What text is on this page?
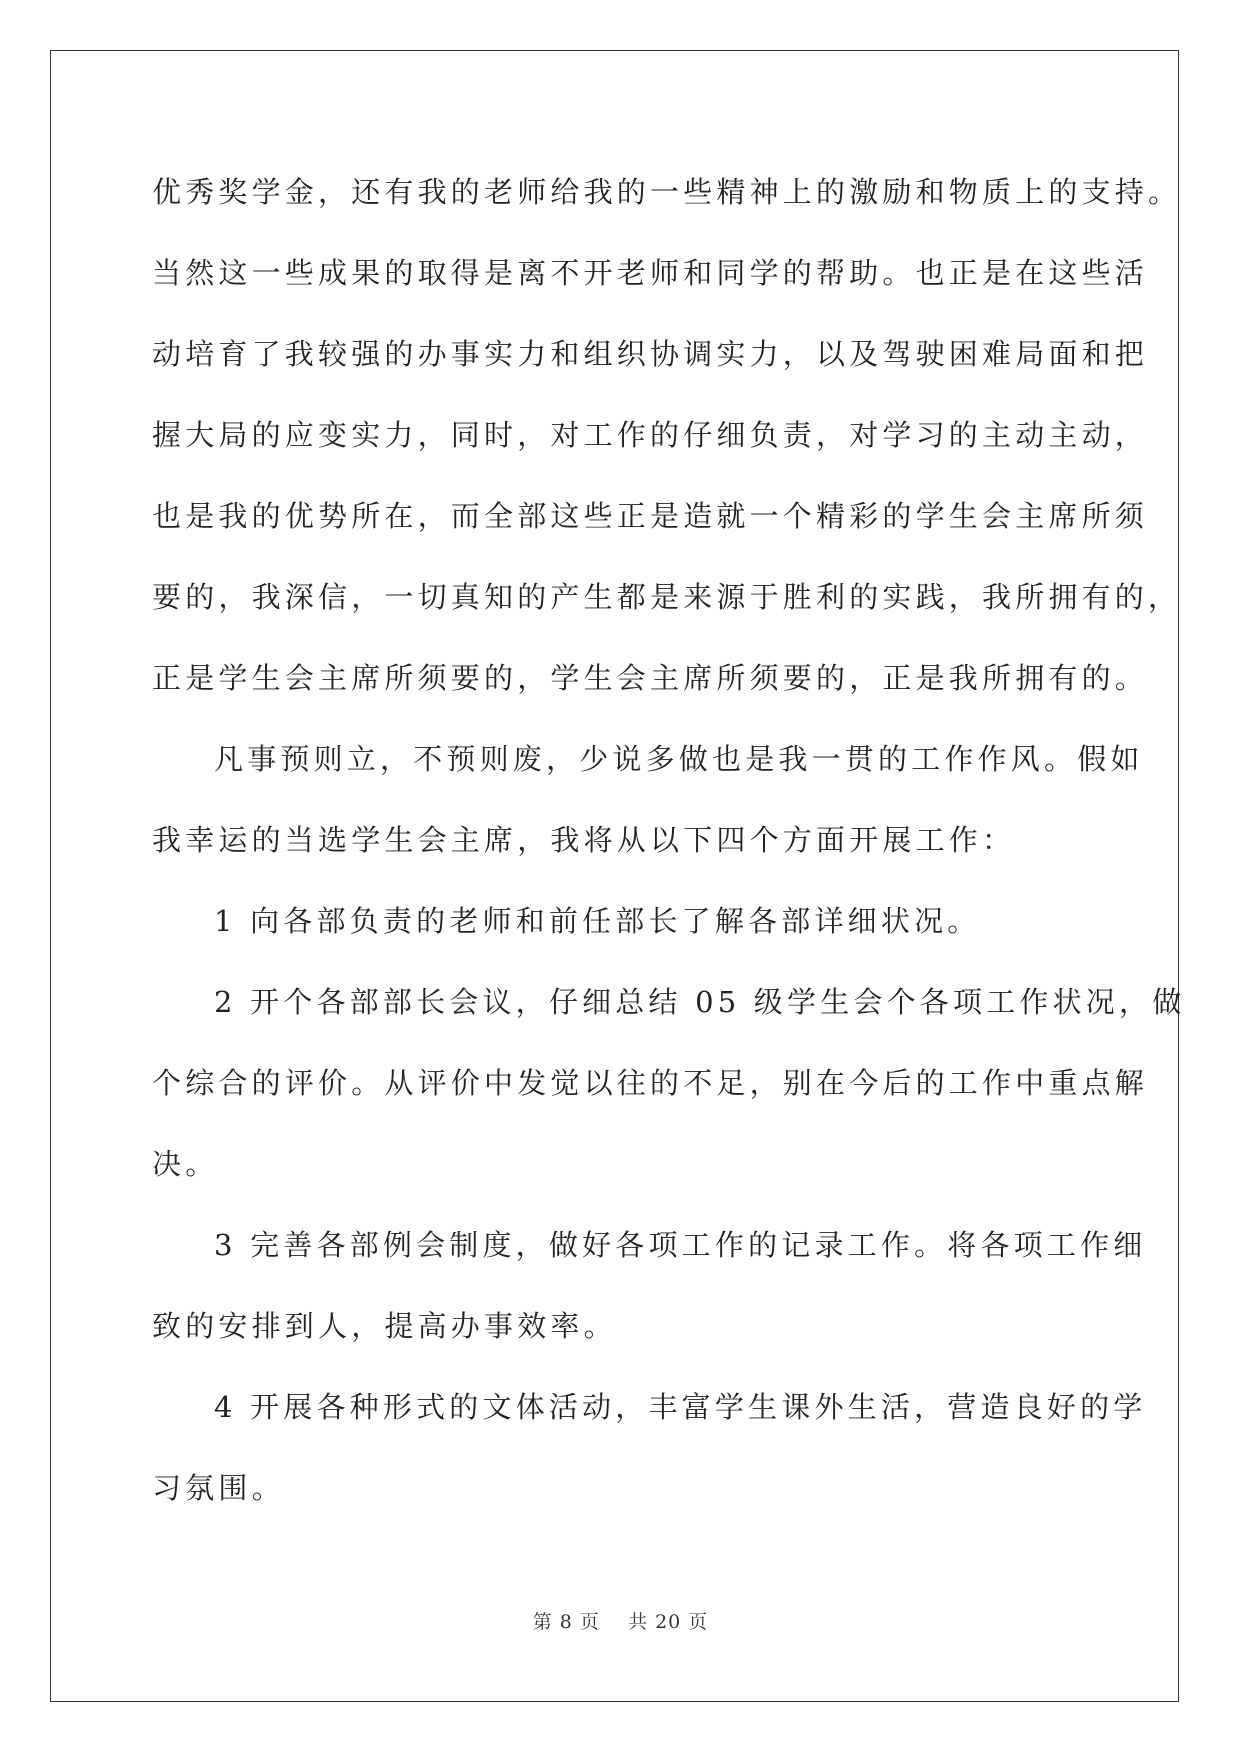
优秀奖学金，还有我的老师给我的一些精神上的激励和物质上的支持。
当然这一些成果的取得是离不开老师和同学的帮助。也正是在这些活
动培育了我较强的办事实力和组织协调实力，以及驾驶困难局面和把
握大局的应变实力，同时，对工作的仔细负责，对学习的主动主动，
也是我的优势所在，而全部这些正是造就一个精彩的学生会主席所须
要的，我深信，一切真知的产生都是来源于胜利的实践，我所拥有的，
正是学生会主席所须要的，学生会主席所须要的，正是我所拥有的。
凡事预则立，不预则废，少说多做也是我一贯的工作作风。假如
我幸运的当选学生会主席，我将从以下四个方面开展工作：
1 向各部负责的老师和前任部长了解各部详细状况。
2 开个各部部长会议，仔细总结 05 级学生会个各项工作状况，做
个综合的评价。从评价中发觉以往的不足，别在今后的工作中重点解
决。
3 完善各部例会制度，做好各项工作的记录工作。将各项工作细
致的安排到人，提高办事效率。
4 开展各种形式的文体活动，丰富学生课外生活，营造良好的学
习氛围。
第 8 页 共 20 页
